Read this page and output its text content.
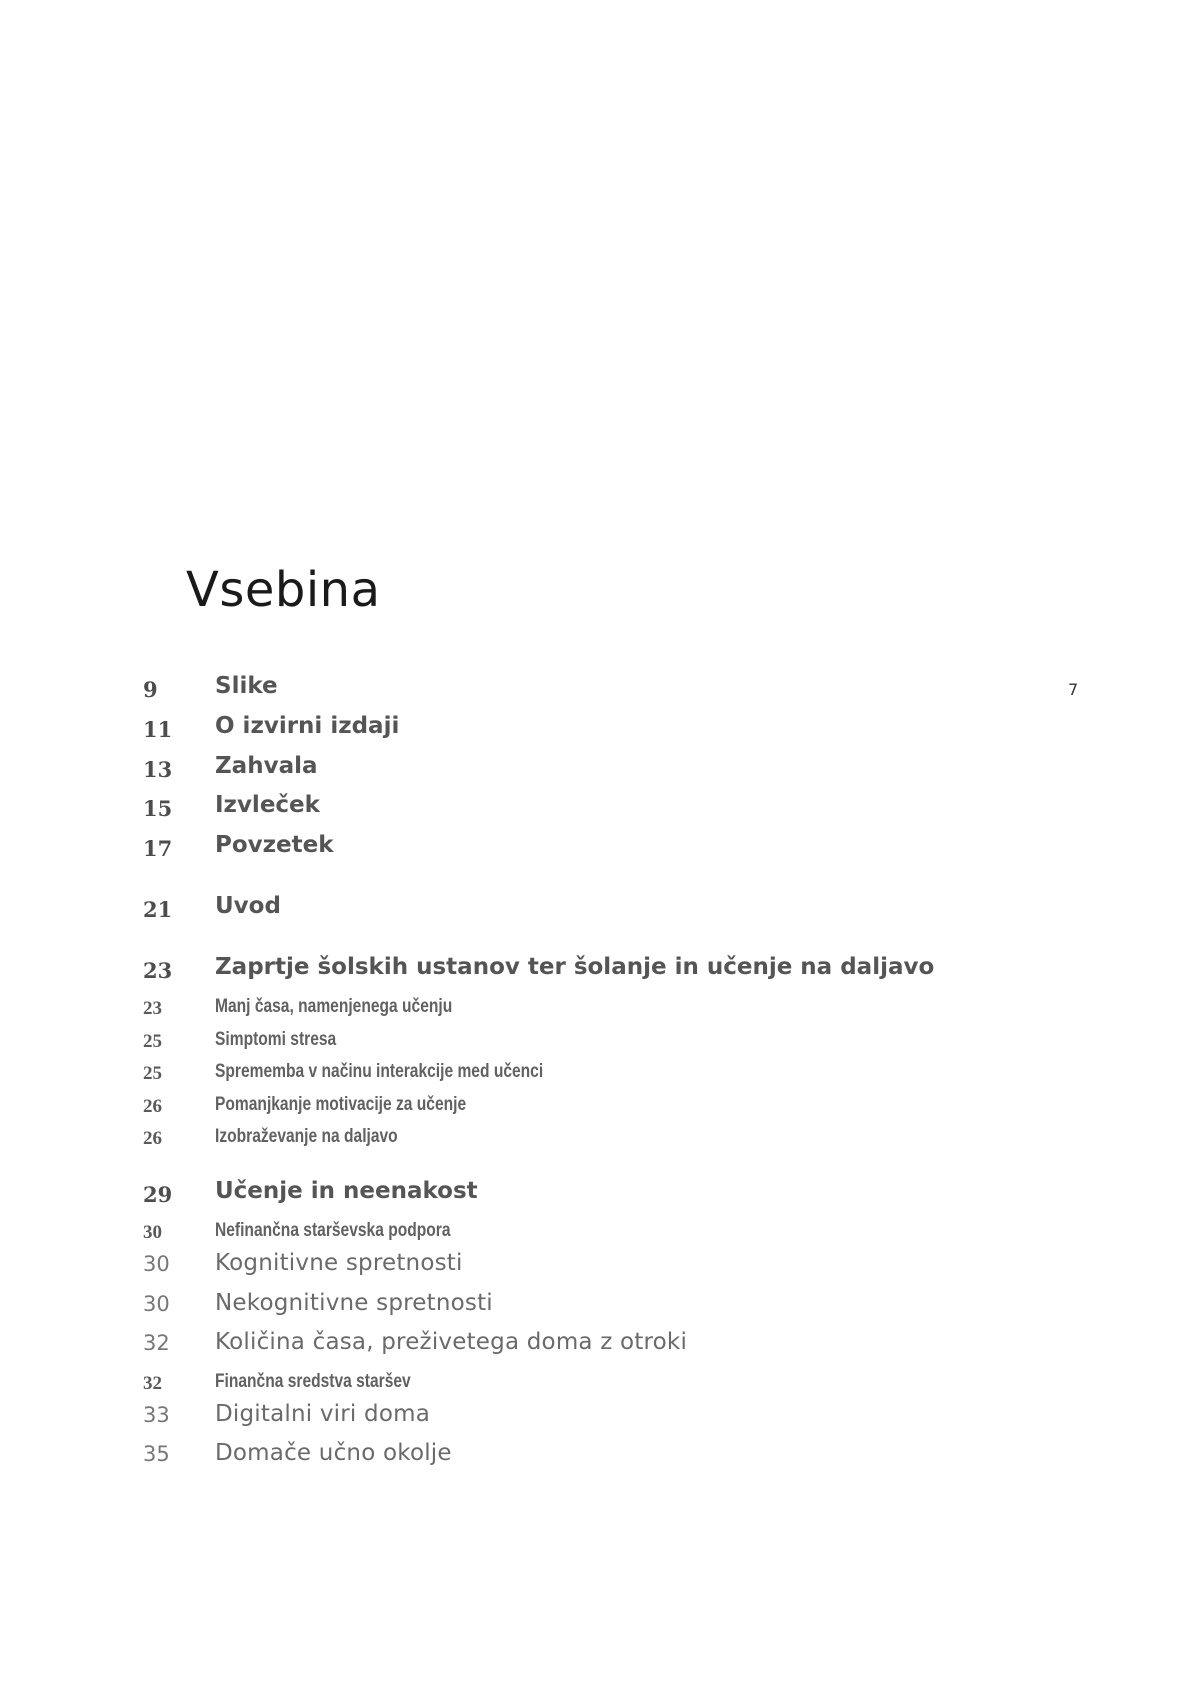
Vsebina
7
9 Slike
11 O izvirni izdaji
13 Zahvala
15 Izvleček
17 Povzetek
21 Uvod
23 Zaprtje šolskih ustanov ter šolanje in učenje na daljavo
23	Manj časa, namenjenega učenju
25	Simptomi stresa
25	Sprememba v načinu interakcije med učenci
26	Pomanjkanje motivacije za učenje
26	Izobraževanje na daljavo
29 Učenje in neenakost
30	Nefinančna starševska podpora
30 Kognitivne spretnosti
30 Nekognitivne spretnosti
32 Količina časa, preživetega doma z otroki
32	Finančna sredstva staršev
33 Digitalni viri doma
35 Domače učno okolje
